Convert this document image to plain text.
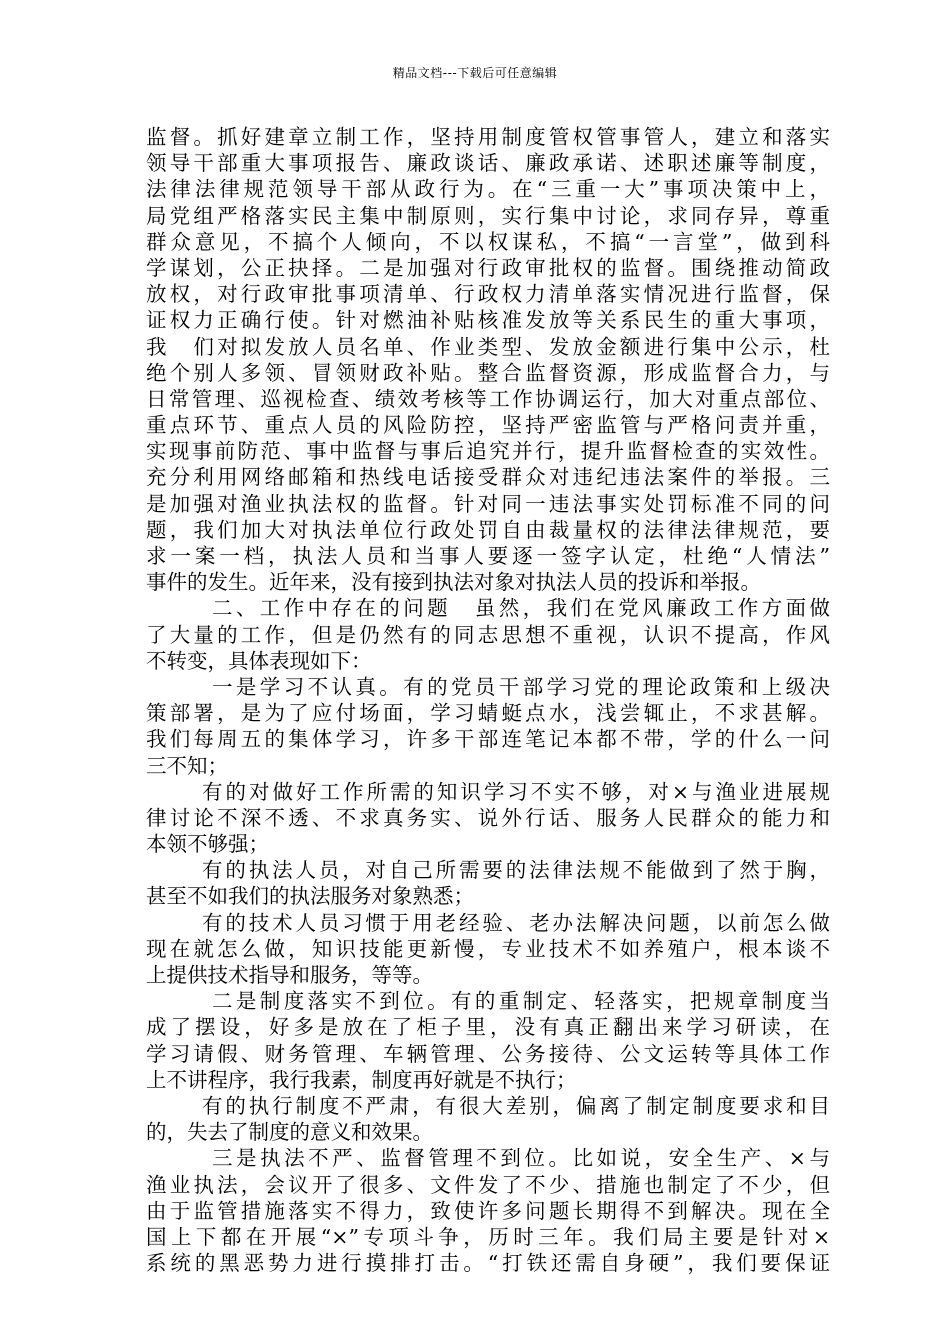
精品文档---下载后可任意编辑
监督。抓好建章立制工作，坚持用制度管权管事管人，建立和落实
领导干部重大事项报告、廉政谈话、廉政承诺、述职述廉等制度，
法律法律规范领导干部从政行为。在“三重一大”事项决策中上，
局党组严格落实民主集中制原则，实行集中讨论，求同存异，尊重
群众意见，不搞个人倾向，不以权谋私，不搞“一言堂”，做到科
学谋划，公正抉择。二是加强对行政审批权的监督。围绕推动简政
放权，对行政审批事项清单、行政权力清单落实情况进行监督，保
证权力正确行使。针对燃油补贴核准发放等关系民生的重大事项，
我　们对拟发放人员名单、作业类型、发放金额进行集中公示，杜
绝个别人多领、冒领财政补贴。整合监督资源，形成监督合力，与
日常管理、巡视检查、绩效考核等工作协调运行，加大对重点部位、
重点环节、重点人员的风险防控，坚持严密监管与严格问责并重，
实现事前防范、事中监督与事后追究并行，提升监督检查的实效性。
充分利用网络邮箱和热线电话接受群众对违纪违法案件的举报。三
是加强对渔业执法权的监督。针对同一违法事实处罚标准不同的问
题，我们加大对执法单位行政处罚自由裁量权的法律法律规范，要
求一案一档，执法人员和当事人要逐一签字认定，杜绝“人情法”
事件的发生。近年来，没有接到执法对象对执法人员的投诉和举报。
二、工作中存在的问题　虽然，我们在党风廉政工作方面做
了大量的工作，但是仍然有的同志思想不重视，认识不提高，作风
不转变，具体表现如下：
一是学习不认真。有的党员干部学习党的理论政策和上级决
策部署，是为了应付场面，学习蜻蜓点水，浅尝辄止，不求甚解。
我们每周五的集体学习，许多干部连笔记本都不带，学的什么一问
三不知；
有的对做好工作所需的知识学习不实不够，对×与渔业进展规
律讨论不深不透、不求真务实、说外行话、服务人民群众的能力和
本领不够强；
有的执法人员，对自己所需要的法律法规不能做到了然于胸，
甚至不如我们的执法服务对象熟悉；
有的技术人员习惯于用老经验、老办法解决问题，以前怎么做
现在就怎么做，知识技能更新慢，专业技术不如养殖户，根本谈不
上提供技术指导和服务，等等。
二是制度落实不到位。有的重制定、轻落实，把规章制度当
成了摆设，好多是放在了柜子里，没有真正翻出来学习研读，在
学习请假、财务管理、车辆管理、公务接待、公文运转等具体工作
上不讲程序，我行我素，制度再好就是不执行；
有的执行制度不严肃，有很大差别，偏离了制定制度要求和目
的，失去了制度的意义和效果。
三是执法不严、监督管理不到位。比如说，安全生产、×与
渔业执法，会议开了很多、文件发了不少、措施也制定了不少，但
由于监管措施落实不得力，致使许多问题长期得不到解决。现在全
国上下都在开展“×”专项斗争，历时三年。我们局主要是针对×
系统的黑恶势力进行摸排打击。“打铁还需自身硬”，我们要保证
